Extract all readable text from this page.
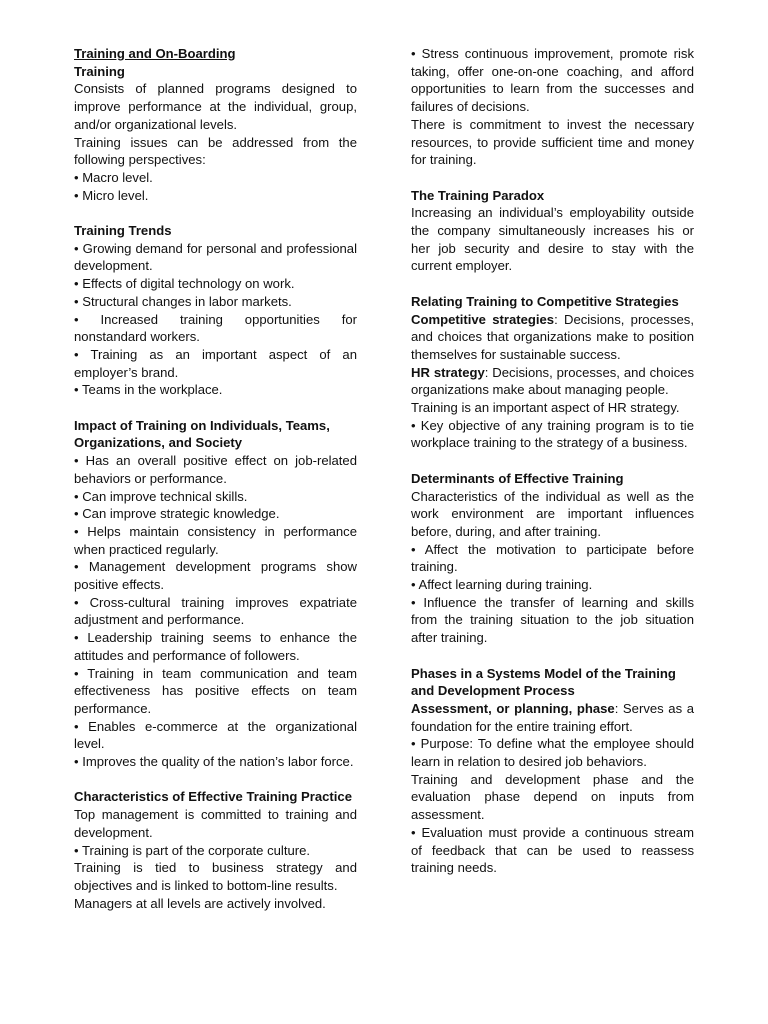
Training and On-Boarding

Training

Consists of planned programs designed to improve performance at the individual, group, and/or organizational levels.

Training issues can be addressed from the following perspectives:

• Macro level.

• Micro level.

Training Trends

• Growing demand for personal and professional development.

• Effects of digital technology on work.

• Structural changes in labor markets.

• Increased training opportunities for nonstandard workers.

• Training as an important aspect of an employer’s brand.

• Teams in the workplace.

Impact of Training on Individuals, Teams, Organizations, and Society

• Has an overall positive effect on job-related behaviors or performance.

• Can improve technical skills.

• Can improve strategic knowledge.

• Helps maintain consistency in performance when practiced regularly.

• Management development programs show positive effects.

• Cross-cultural training improves expatriate adjustment and performance.

• Leadership training seems to enhance the attitudes and performance of followers.

• Training in team communication and team effectiveness has positive effects on team performance.

• Enables e-commerce at the organizational level.

• Improves the quality of the nation’s labor force.

Characteristics of Effective Training Practice

Top management is committed to training and development.

• Training is part of the corporate culture.

Training is tied to business strategy and objectives and is linked to bottom-line results.

Managers at all levels are actively involved.

• Stress continuous improvement, promote risk taking, offer one-on-one coaching, and afford opportunities to learn from the successes and failures of decisions.

There is commitment to invest the necessary resources, to provide sufficient time and money for training.

The Training Paradox

Increasing an individual’s employability outside the company simultaneously increases his or her job security and desire to stay with the current employer.

Relating Training to Competitive Strategies

Competitive strategies: Decisions, processes, and choices that organizations make to position themselves for sustainable success.

HR strategy: Decisions, processes, and choices organizations make about managing people.

Training is an important aspect of HR strategy.

• Key objective of any training program is to tie workplace training to the strategy of a business.

Determinants of Effective Training

Characteristics of the individual as well as the work environment are important influences before, during, and after training.

• Affect the motivation to participate before training.

• Affect learning during training.

• Influence the transfer of learning and skills from the training situation to the job situation after training.

Phases in a Systems Model of the Training and Development Process

Assessment, or planning, phase: Serves as a foundation for the entire training effort.

• Purpose: To define what the employee should learn in relation to desired job behaviors.

Training and development phase and the evaluation phase depend on inputs from assessment.

• Evaluation must provide a continuous stream of feedback that can be used to reassess training needs.
